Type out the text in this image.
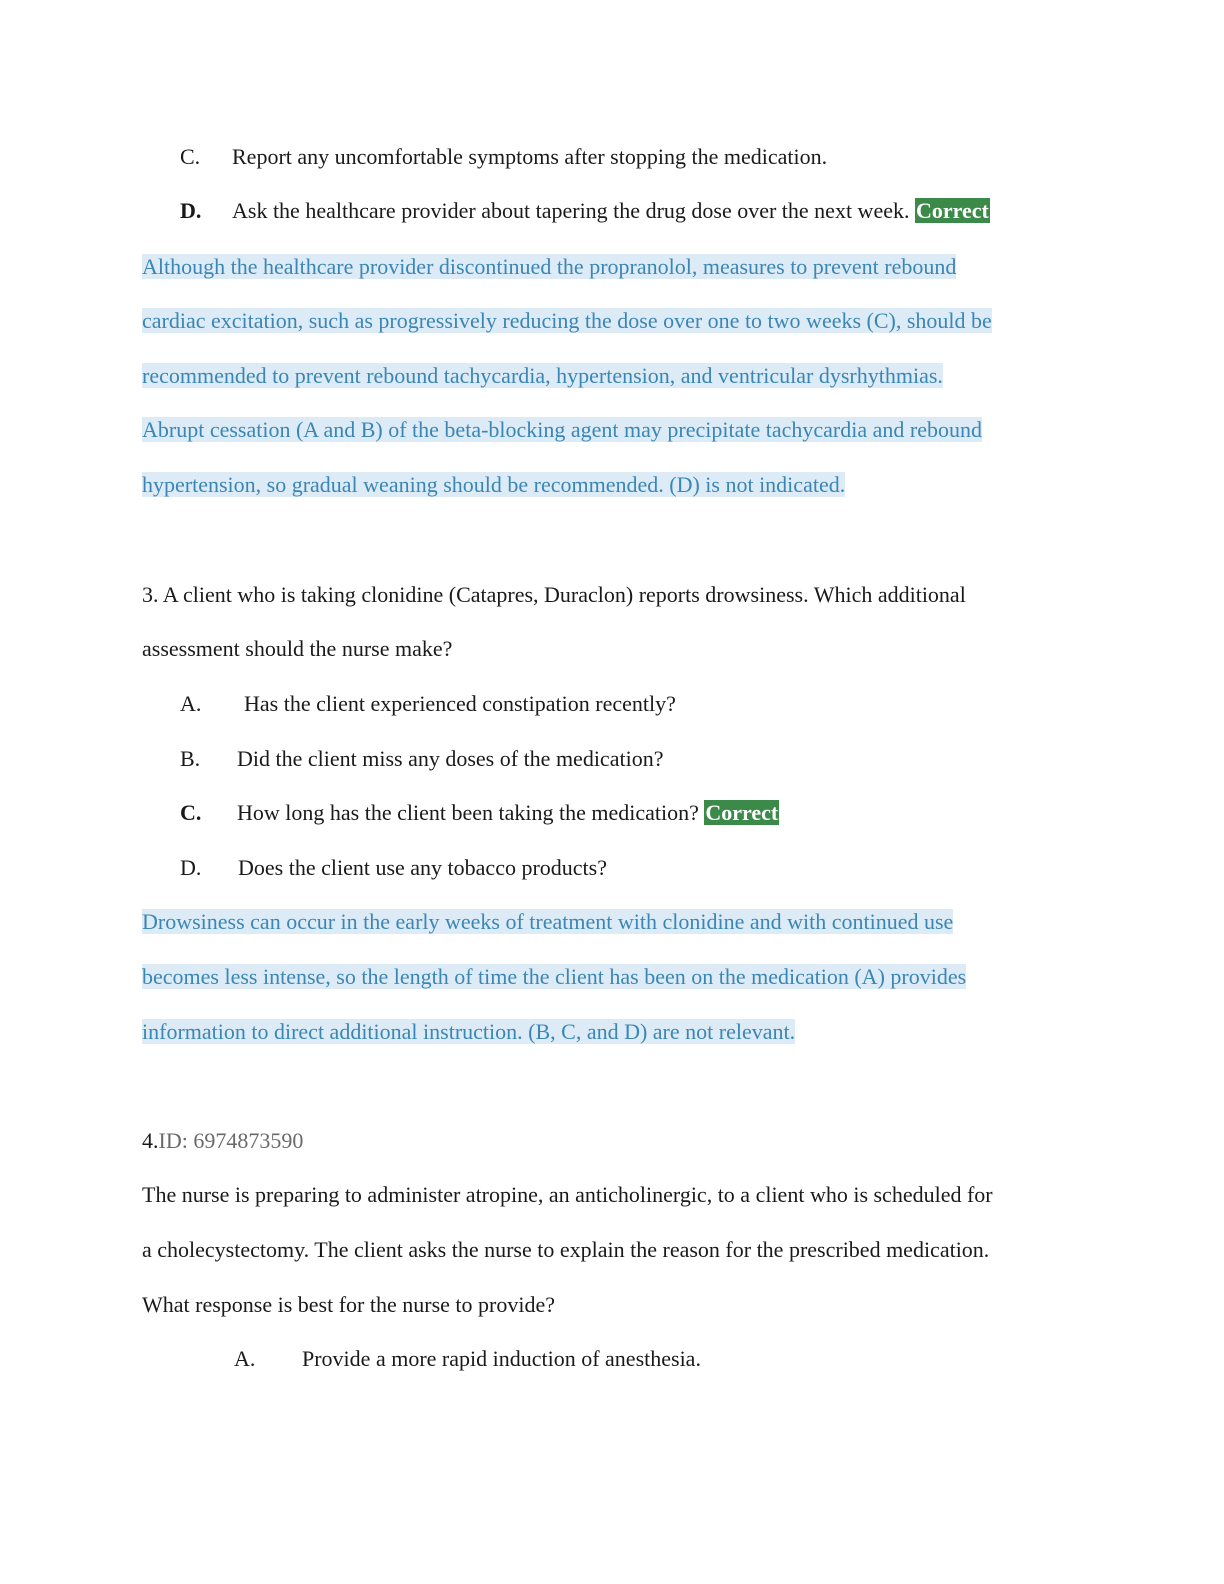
C. Report any uncomfortable symptoms after stopping the medication.
D. Ask the healthcare provider about tapering the drug dose over the next week. Correct
Although the healthcare provider discontinued the propranolol, measures to prevent rebound
cardiac excitation, such as progressively reducing the dose over one to two weeks (C), should be
recommended to prevent rebound tachycardia, hypertension, and ventricular dysrhythmias.
Abrupt cessation (A and B) of the beta-blocking agent may precipitate tachycardia and rebound
hypertension, so gradual weaning should be recommended. (D) is not indicated.
3. A client who is taking clonidine (Catapres, Duraclon) reports drowsiness. Which additional
assessment should the nurse make?
A. Has the client experienced constipation recently?
B. Did the client miss any doses of the medication?
C. How long has the client been taking the medication? Correct
D. Does the client use any tobacco products?
Drowsiness can occur in the early weeks of treatment with clonidine and with continued use
becomes less intense, so the length of time the client has been on the medication (A) provides
information to direct additional instruction. (B, C, and D) are not relevant.
4.ID: 6974873590
The nurse is preparing to administer atropine, an anticholinergic, to a client who is scheduled for
a cholecystectomy. The client asks the nurse to explain the reason for the prescribed medication.
What response is best for the nurse to provide?
A. Provide a more rapid induction of anesthesia.
